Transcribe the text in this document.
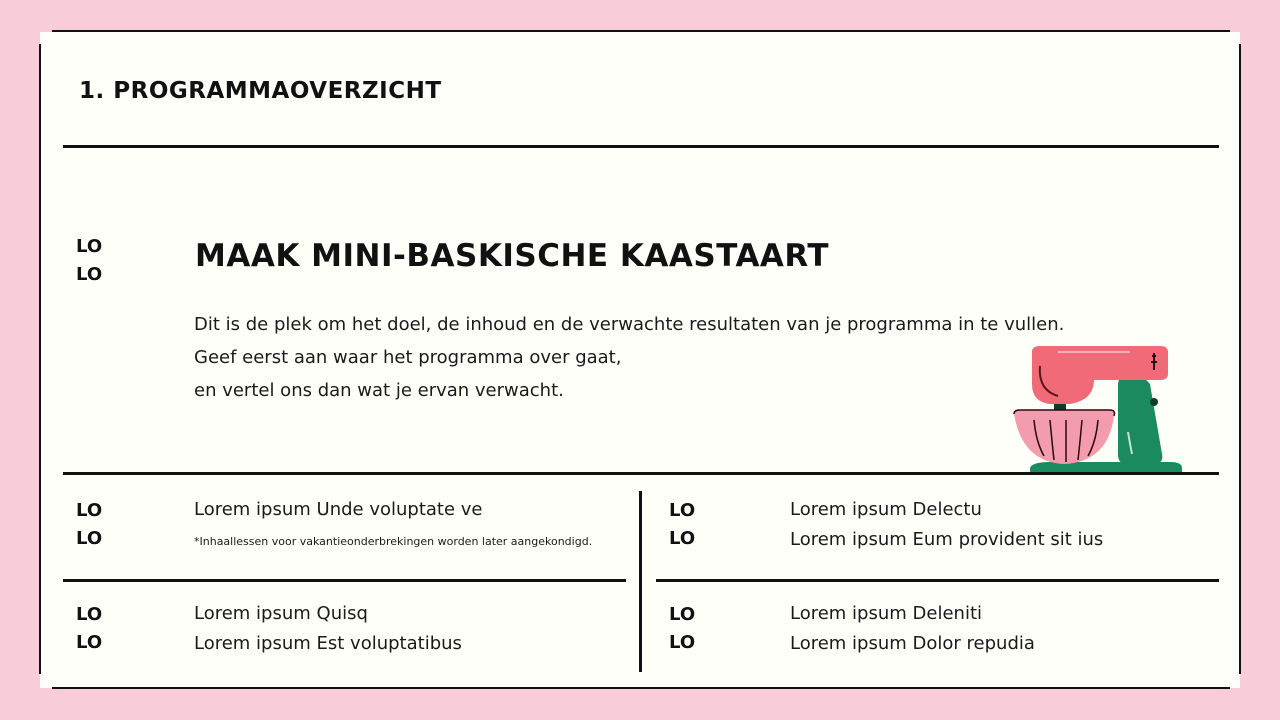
1. PROGRAMMAOVERZICHT
LO
LO
MAAK MINI-BASKISCHE KAASTAART
Dit is de plek om het doel, de inhoud en de verwachte resultaten van je programma in te vullen.
Geef eerst aan waar het programma over gaat,
en vertel ons dan wat je ervan verwacht.
LO
LO
Lorem ipsum Unde voluptate ve
*Inhaallessen voor vakantieonderbrekingen worden later aangekondigd.
LO
LO
Lorem ipsum Delectu
Lorem ipsum Eum provident sit ius
LO
LO
Lorem ipsum Quisq
Lorem ipsum Est voluptatibus
LO
LO
Lorem ipsum Deleniti
Lorem ipsum Dolor repudia
